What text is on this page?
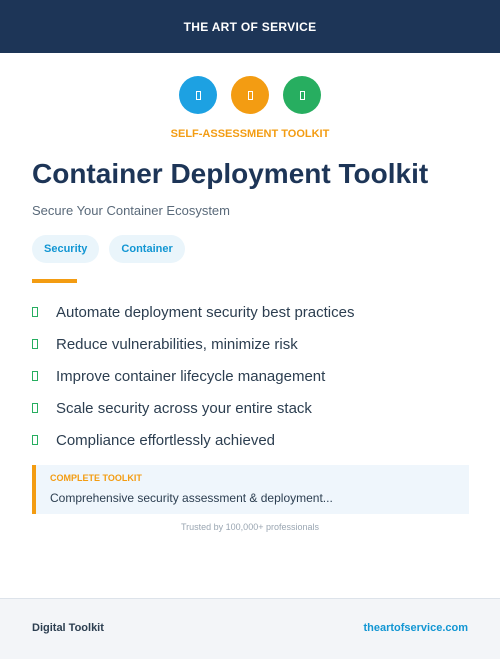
THE ART OF SERVICE
SELF-ASSESSMENT TOOLKIT
Container Deployment Toolkit
Secure Your Container Ecosystem
Security	Container
Automate deployment security best practices
Reduce vulnerabilities, minimize risk
Improve container lifecycle management
Scale security across your entire stack
Compliance effortlessly achieved
COMPLETE TOOLKIT
Comprehensive security assessment & deployment...
Trusted by 100,000+ professionals
Digital Toolkit	theartofservice.com
